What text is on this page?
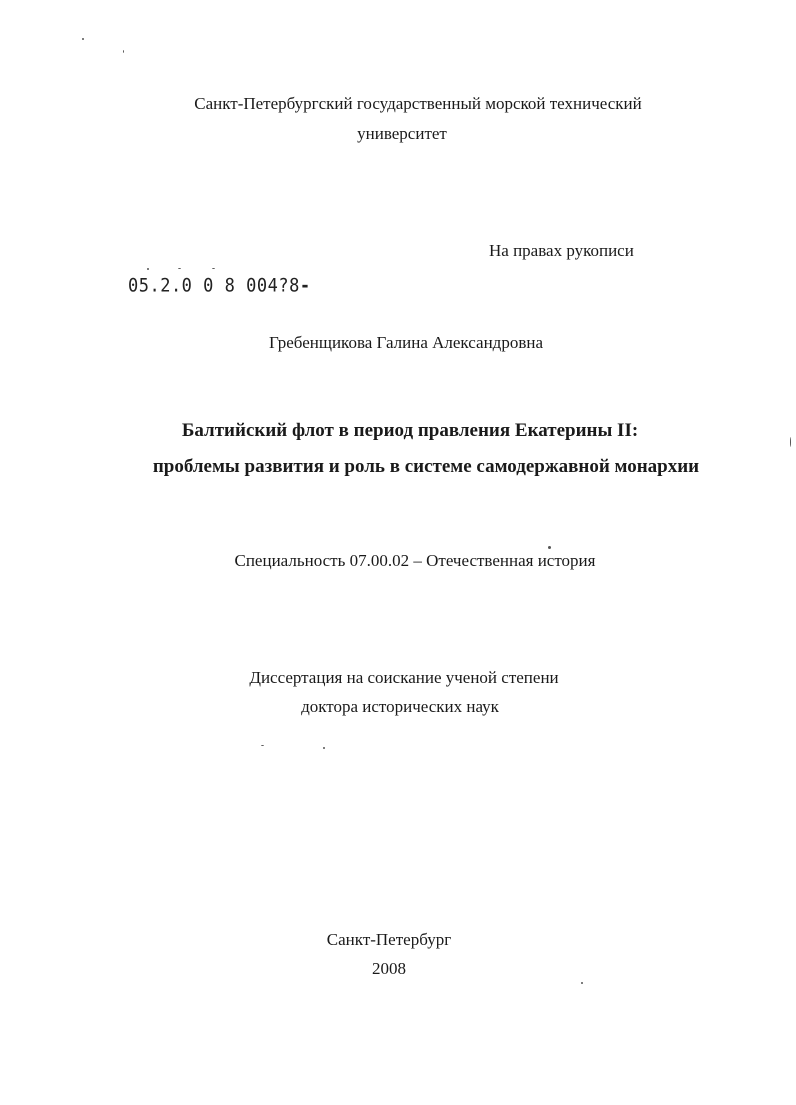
Санкт-Петербургский государственный морской технический
университет
На правах рукописи
05.2.0 0 8 004?8-
Гребенщикова Галина Александровна
Балтийский флот в период правления Екатерины II:
проблемы развития и роль в системе самодержавной монархии
Специальность 07.00.02 – Отечественная история
Диссертация на соискание ученой степени
доктора исторических наук
Санкт-Петербург
2008
